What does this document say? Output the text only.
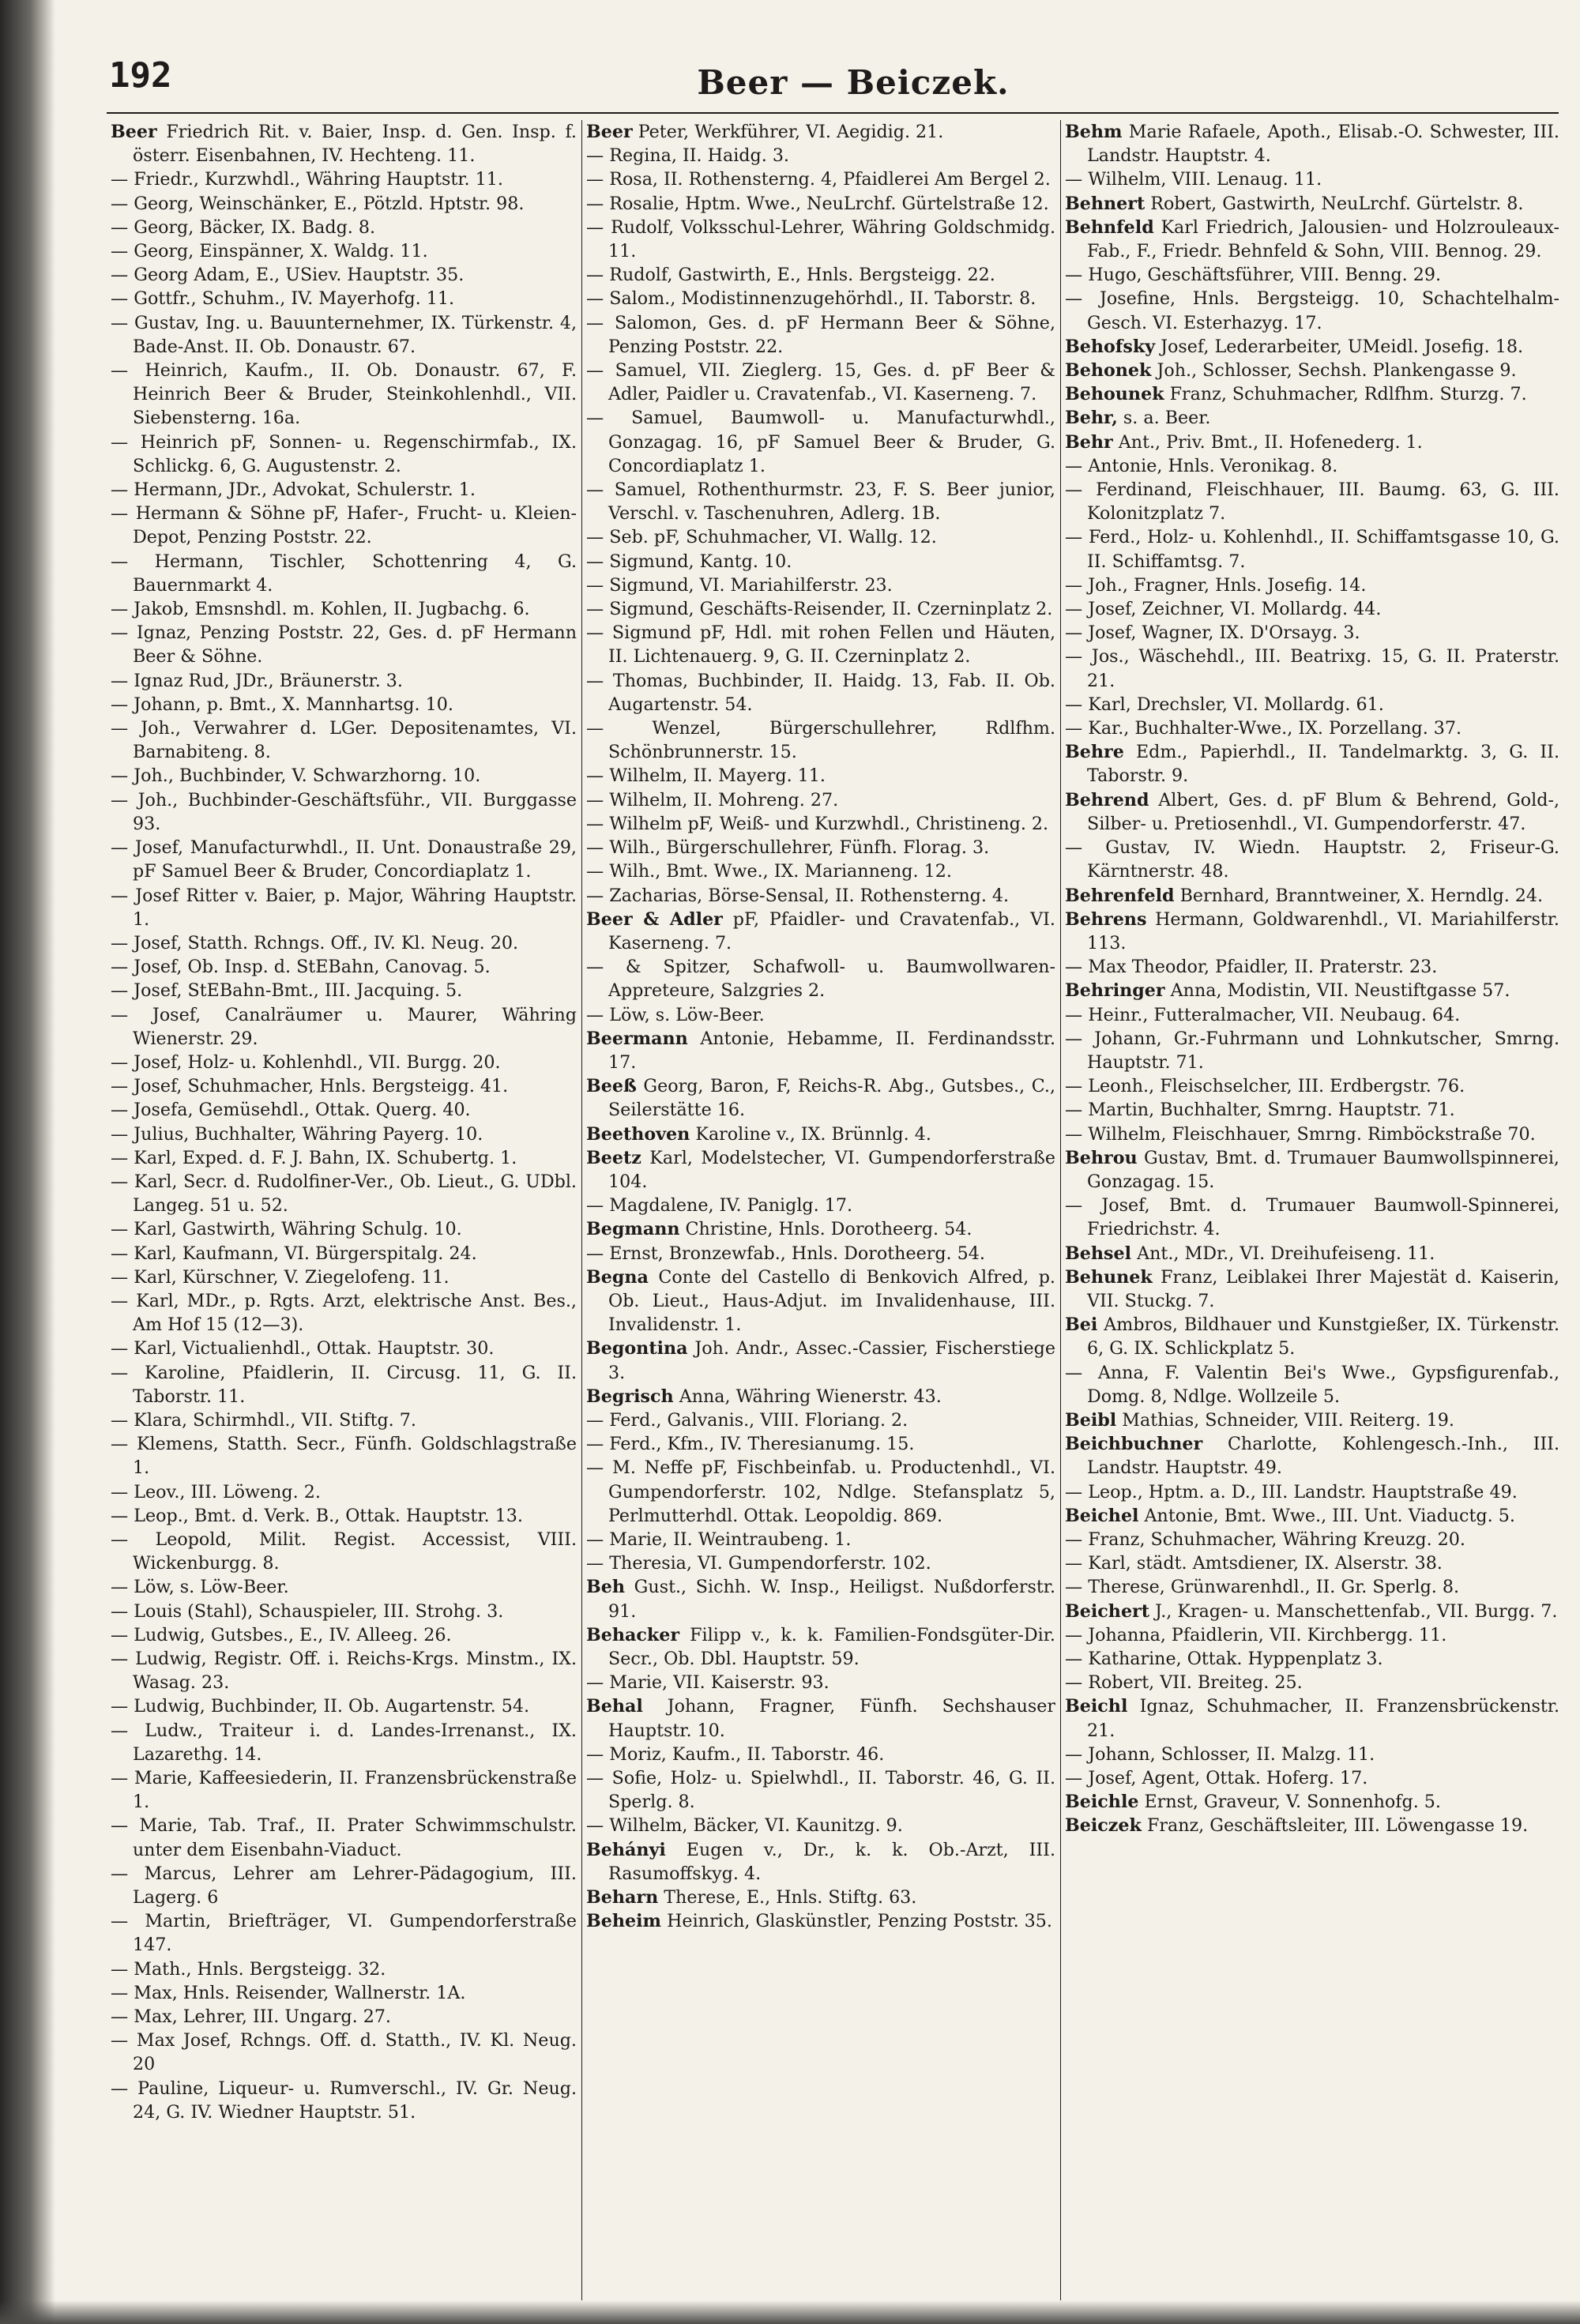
192	Beer — Beiczek.

Beer Friedrich Rit. v. Baier, Insp. d. Gen. Insp. f. österr. Eisenbahnen, IV. Hechteng. 11.

— Friedr., Kurzwhdl., Währing Hauptstr. 11.

— Georg, Weinschänker, E., Pötzld. Hptstr. 98.

— Georg, Bäcker, IX. Badg. 8.

— Georg, Einspänner, X. Waldg. 11.

— Georg Adam, E., USiev. Hauptstr. 35.

— Gottfr., Schuhm., IV. Mayerhofg. 11.

— Gustav, Ing. u. Bauunternehmer, IX. Türkenstr. 4, Bade-Anst. II. Ob. Donaustr. 67.

— Heinrich, Kaufm., II. Ob. Donaustr. 67, F. Heinrich Beer & Bruder, Steinkohlenhdl., VII. Siebensterng. 16a.

— Heinrich pF, Sonnen- u. Regenschirmfab., IX. Schlickg. 6, G. Augustenstr. 2.

— Hermann, JDr., Advokat, Schulerstr. 1.

— Hermann & Söhne pF, Hafer-, Frucht- u. Kleien-Depot, Penzing Poststr. 22.

— Hermann, Tischler, Schottenring 4, G. Bauernmarkt 4.

— Jakob, Emsnshdl. m. Kohlen, II. Jugbachg. 6.

— Ignaz, Penzing Poststr. 22, Ges. d. pF Hermann Beer & Söhne.

— Ignaz Rud, JDr., Bräunerstr. 3.

— Johann, p. Bmt., X. Mannhartsg. 10.

— Joh., Verwahrer d. LGer. Depositenamtes, VI. Barnabiteng. 8.

— Joh., Buchbinder, V. Schwarzhorng. 10.

— Joh., Buchbinder-Geschäftsführ., VII. Burggasse 93.

— Josef, Manufacturwhdl., II. Unt. Donaustraße 29, pF Samuel Beer & Bruder, Concordiaplatz 1.

— Josef Ritter v. Baier, p. Major, Währing Hauptstr. 1.

— Josef, Statth. Rchngs. Off., IV. Kl. Neug. 20.

— Josef, Ob. Insp. d. StEBahn, Canovag. 5.

— Josef, StEBahn-Bmt., III. Jacquing. 5.

— Josef, Canalräumer u. Maurer, Währing Wienerstr. 29.

— Josef, Holz- u. Kohlenhdl., VII. Burgg. 20.

— Josef, Schuhmacher, Hnls. Bergsteigg. 41.

— Josefa, Gemüsehdl., Ottak. Querg. 40.

— Julius, Buchhalter, Währing Payerg. 10.

— Karl, Exped. d. F. J. Bahn, IX. Schubertg. 1.

— Karl, Secr. d. Rudolfiner-Ver., Ob. Lieut., G. UDbl. Langeg. 51 u. 52.

— Karl, Gastwirth, Währing Schulg. 10.

— Karl, Kaufmann, VI. Bürgerspitalg. 24.

— Karl, Kürschner, V. Ziegelofeng. 11.

— Karl, MDr., p. Rgts. Arzt, elektrische Anst. Bes., Am Hof 15 (12—3).

— Karl, Victualienhdl., Ottak. Hauptstr. 30.

— Karoline, Pfaidlerin, II. Circusg. 11, G. II. Taborstr. 11.

— Klara, Schirmhdl., VII. Stiftg. 7.

— Klemens, Statth. Secr., Fünfh. Goldschlagstraße 1.

— Leov., III. Löweng. 2.

— Leop., Bmt. d. Verk. B., Ottak. Hauptstr. 13.

— Leopold, Milit. Regist. Accessist, VIII. Wickenburgg. 8.

— Löw, s. Löw-Beer.

— Louis (Stahl), Schauspieler, III. Strohg. 3.

— Ludwig, Gutsbes., E., IV. Alleeg. 26.

— Ludwig, Registr. Off. i. Reichs-Krgs. Minstm., IX. Wasag. 23.

— Ludwig, Buchbinder, II. Ob. Augartenstr. 54.

— Ludw., Traiteur i. d. Landes-Irrenanst., IX. Lazarethg. 14.

— Marie, Kaffeesiederin, II. Franzensbrückenstraße 1.

— Marie, Tab. Traf., II. Prater Schwimmschulstr. unter dem Eisenbahn-Viaduct.

— Marcus, Lehrer am Lehrer-Pädagogium, III. Lagerg. 6

— Martin, Briefträger, VI. Gumpendorferstraße 147.

— Math., Hnls. Bergsteigg. 32.

— Max, Hnls. Reisender, Wallnerstr. 1A.

— Max, Lehrer, III. Ungarg. 27.

— Max Josef, Rchngs. Off. d. Statth., IV. Kl. Neug. 20

— Pauline, Liqueur- u. Rumverschl., IV. Gr. Neug. 24, G. IV. Wiedner Hauptstr. 51.

Beer Peter, Werkführer, VI. Aegidig. 21.

— Regina, II. Haidg. 3.

— Rosa, II. Rothensterng. 4, Pfaidlerei Am Bergel 2.

— Rosalie, Hptm. Wwe., NeuLrchf. Gürtelstraße 12.

— Rudolf, Volksschul-Lehrer, Währing Goldschmidg. 11.

— Rudolf, Gastwirth, E., Hnls. Bergsteigg. 22.

— Salom., Modistinnenzugehörhdl., II. Taborstr. 8.

— Salomon, Ges. d. pF Hermann Beer & Söhne, Penzing Poststr. 22.

— Samuel, VII. Zieglerg. 15, Ges. d. pF Beer & Adler, Paidler u. Cravatenfab., VI. Kaserneng. 7.

— Samuel, Baumwoll- u. Manufacturwhdl., Gonzagag. 16, pF Samuel Beer & Bruder, G. Concordiaplatz 1.

— Samuel, Rothenthurmstr. 23, F. S. Beer junior, Verschl. v. Taschenuhren, Adlerg. 1B.

— Seb. pF, Schuhmacher, VI. Wallg. 12.

— Sigmund, Kantg. 10.

— Sigmund, VI. Mariahilferstr. 23.

— Sigmund, Geschäfts-Reisender, II. Czerninplatz 2.

— Sigmund pF, Hdl. mit rohen Fellen und Häuten, II. Lichtenauerg. 9, G. II. Czerninplatz 2.

— Thomas, Buchbinder, II. Haidg. 13, Fab. II. Ob. Augartenstr. 54.

— Wenzel, Bürgerschullehrer, Rdlfhm. Schönbrunnerstr. 15.

— Wilhelm, II. Mayerg. 11.

— Wilhelm, II. Mohreng. 27.

— Wilhelm pF, Weiß- und Kurzwhdl., Christineng. 2.

— Wilh., Bürgerschullehrer, Fünfh. Florag. 3.

— Wilh., Bmt. Wwe., IX. Marianneng. 12.

— Zacharias, Börse-Sensal, II. Rothensterng. 4.

Beer & Adler pF, Pfaidler- und Cravatenfab., VI. Kaserneng. 7.

— & Spitzer, Schafwoll- u. Baumwollwaren-Appreteure, Salzgries 2.

— Löw, s. Löw-Beer.

Beermann Antonie, Hebamme, II. Ferdinandsstr. 17.

Beeß Georg, Baron, F, Reichs-R. Abg., Gutsbes., C., Seilerstätte 16.

Beethoven Karoline v., IX. Brünnlg. 4.

Beetz Karl, Modelstecher, VI. Gumpendorferstraße 104.

— Magdalene, IV. Paniglg. 17.

Begmann Christine, Hnls. Dorotheerg. 54.

— Ernst, Bronzewfab., Hnls. Dorotheerg. 54.

Begna Conte del Castello di Benkovich Alfred, p. Ob. Lieut., Haus-Adjut. im Invalidenhause, III. Invalidenstr. 1.

Begontina Joh. Andr., Assec.-Cassier, Fischerstiege 3.

Begrisch Anna, Währing Wienerstr. 43.

— Ferd., Galvanis., VIII. Floriang. 2.

— Ferd., Kfm., IV. Theresianumg. 15.

— M. Neffe pF, Fischbeinfab. u. Productenhdl., VI. Gumpendorferstr. 102, Ndlge. Stefansplatz 5, Perlmutterhdl. Ottak. Leopoldig. 869.

— Marie, II. Weintraubeng. 1.

— Theresia, VI. Gumpendorferstr. 102.

Beh Gust., Sichh. W. Insp., Heiligst. Nußdorferstr. 91.

Behacker Filipp v., k. k. Familien-Fondsgüter-Dir. Secr., Ob. Dbl. Hauptstr. 59.

— Marie, VII. Kaiserstr. 93.

Behal Johann, Fragner, Fünfh. Sechshauser Hauptstr. 10.

— Moriz, Kaufm., II. Taborstr. 46.

— Sofie, Holz- u. Spielwhdl., II. Taborstr. 46, G. II. Sperlg. 8.

— Wilhelm, Bäcker, VI. Kaunitzg. 9.

Behányi Eugen v., Dr., k. k. Ob.-Arzt, III. Rasumoffskyg. 4.

Beharn Therese, E., Hnls. Stiftg. 63.

Beheim Heinrich, Glaskünstler, Penzing Poststr. 35.

Behm Marie Rafaele, Apoth., Elisab.-O. Schwester, III. Landstr. Hauptstr. 4.

— Wilhelm, VIII. Lenaug. 11.

Behnert Robert, Gastwirth, NeuLrchf. Gürtelstr. 8.

Behnfeld Karl Friedrich, Jalousien- und Holzrouleaux-Fab., F., Friedr. Behnfeld & Sohn, VIII. Bennog. 29.

— Hugo, Geschäftsführer, VIII. Benng. 29.

— Josefine, Hnls. Bergsteigg. 10, Schachtelhalm-Gesch. VI. Esterhazyg. 17.

Behofsky Josef, Lederarbeiter, UMeidl. Josefig. 18.

Behonek Joh., Schlosser, Sechsh. Plankengasse 9.

Behounek Franz, Schuhmacher, Rdlfhm. Sturzg. 7.

Behr, s. a. Beer.

Behr Ant., Priv. Bmt., II. Hofenederg. 1.

— Antonie, Hnls. Veronikag. 8.

— Ferdinand, Fleischhauer, III. Baumg. 63, G. III. Kolonitzplatz 7.

— Ferd., Holz- u. Kohlenhdl., II. Schiffamtsgasse 10, G. II. Schiffamtsg. 7.

— Joh., Fragner, Hnls. Josefig. 14.

— Josef, Zeichner, VI. Mollardg. 44.

— Josef, Wagner, IX. D'Orsayg. 3.

— Jos., Wäschehdl., III. Beatrixg. 15, G. II. Praterstr. 21.

— Karl, Drechsler, VI. Mollardg. 61.

— Kar., Buchhalter-Wwe., IX. Porzellang. 37.

Behre Edm., Papierhdl., II. Tandelmarktg. 3, G. II. Taborstr. 9.

Behrend Albert, Ges. d. pF Blum & Behrend, Gold-, Silber- u. Pretiosenhdl., VI. Gumpendorferstr. 47.

— Gustav, IV. Wiedn. Hauptstr. 2, Friseur-G. Kärntnerstr. 48.

Behrenfeld Bernhard, Branntweiner, X. Herndlg. 24.

Behrens Hermann, Goldwarenhdl., VI. Mariahilferstr. 113.

— Max Theodor, Pfaidler, II. Praterstr. 23.

Behringer Anna, Modistin, VII. Neustiftgasse 57.

— Heinr., Futteralmacher, VII. Neubaug. 64.

— Johann, Gr.-Fuhrmann und Lohnkutscher, Smrng. Hauptstr. 71.

— Leonh., Fleischselcher, III. Erdbergstr. 76.

— Martin, Buchhalter, Smrng. Hauptstr. 71.

— Wilhelm, Fleischhauer, Smrng. Rimböckstraße 70.

Behrou Gustav, Bmt. d. Trumauer Baumwollspinnerei, Gonzagag. 15.

— Josef, Bmt. d. Trumauer Baumwoll-Spinnerei, Friedrichstr. 4.

Behsel Ant., MDr., VI. Dreihufeiseng. 11.

Behunek Franz, Leiblakei Ihrer Majestät d. Kaiserin, VII. Stuckg. 7.

Bei Ambros, Bildhauer und Kunstgießer, IX. Türkenstr. 6, G. IX. Schlickplatz 5.

— Anna, F. Valentin Bei's Wwe., Gypsfigurenfab., Domg. 8, Ndlge. Wollzeile 5.

Beibl Mathias, Schneider, VIII. Reiterg. 19.

Beichbuchner Charlotte, Kohlengesch.-Inh., III. Landstr. Hauptstr. 49.

— Leop., Hptm. a. D., III. Landstr. Hauptstraße 49.

Beichel Antonie, Bmt. Wwe., III. Unt. Viaductg. 5.

— Franz, Schuhmacher, Währing Kreuzg. 20.

— Karl, städt. Amtsdiener, IX. Alserstr. 38.

— Therese, Grünwarenhdl., II. Gr. Sperlg. 8.

Beichert J., Kragen- u. Manschettenfab., VII. Burgg. 7.

— Johanna, Pfaidlerin, VII. Kirchbergg. 11.

— Katharine, Ottak. Hyppenplatz 3.

— Robert, VII. Breiteg. 25.

Beichl Ignaz, Schuhmacher, II. Franzensbrückenstr. 21.

— Johann, Schlosser, II. Malzg. 11.

— Josef, Agent, Ottak. Hoferg. 17.

Beichle Ernst, Graveur, V. Sonnenhofg. 5.

Beiczek Franz, Geschäftsleiter, III. Löwengasse 19.
